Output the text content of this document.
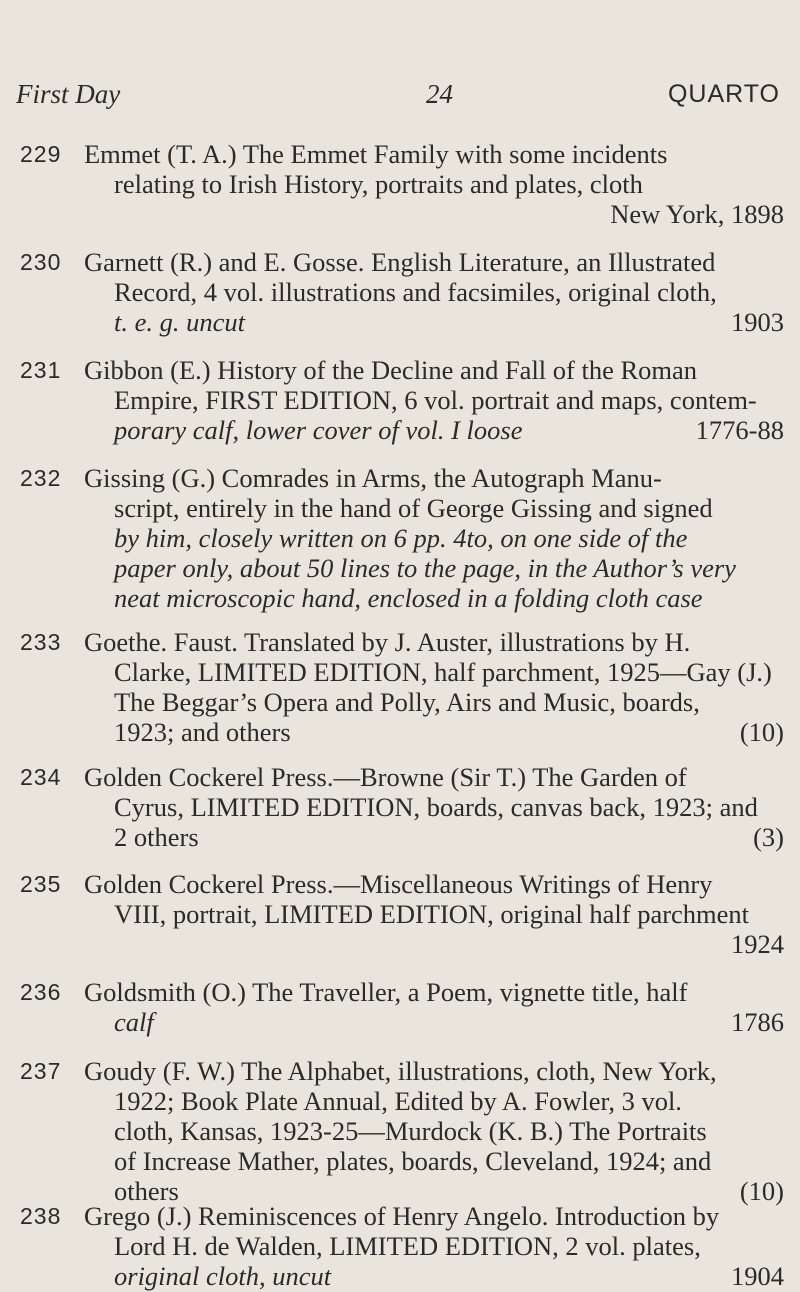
First Day	24	QUARTO
229 Emmet (T. A.) The Emmet Family with some incidents
relating to Irish History, portraits and plates, cloth
New York, 1898
230 Garnett (R.) and E. Gosse. English Literature, an Illustrated
Record, 4 vol. illustrations and facsimiles, original cloth,
t. e. g. uncut	1903
231 Gibbon (E.) History of the Decline and Fall of the Roman
Empire, FIRST EDITION, 6 vol. portrait and maps, contem-
porary calf, lower cover of vol. I loose	1776-88
232 Gissing (G.) Comrades in Arms, the Autograph Manu-
script, entirely in the hand of George Gissing and signed
by him, closely written on 6 pp. 4to, on one side of the
paper only, about 50 lines to the page, in the Author’s very
neat microscopic hand, enclosed in a folding cloth case
233 Goethe. Faust. Translated by J. Auster, illustrations by H.
Clarke, LIMITED EDITION, half parchment, 1925—Gay (J.)
The Beggar’s Opera and Polly, Airs and Music, boards,
1923; and others	(10)
234 Golden Cockerel Press.—Browne (Sir T.) The Garden of
Cyrus, LIMITED EDITION, boards, canvas back, 1923; and
2 others	(3)
235 Golden Cockerel Press.—Miscellaneous Writings of Henry
VIII, portrait, LIMITED EDITION, original half parchment
1924
236 Goldsmith (O.) The Traveller, a Poem, vignette title, half
calf	1786
237 Goudy (F. W.) The Alphabet, illustrations, cloth, New York,
1922; Book Plate Annual, Edited by A. Fowler, 3 vol.
cloth, Kansas, 1923-25—Murdock (K. B.) The Portraits
of Increase Mather, plates, boards, Cleveland, 1924; and
others	(10)
238 Grego (J.) Reminiscences of Henry Angelo. Introduction by
Lord H. de Walden, LIMITED EDITION, 2 vol. plates,
original cloth, uncut	1904
